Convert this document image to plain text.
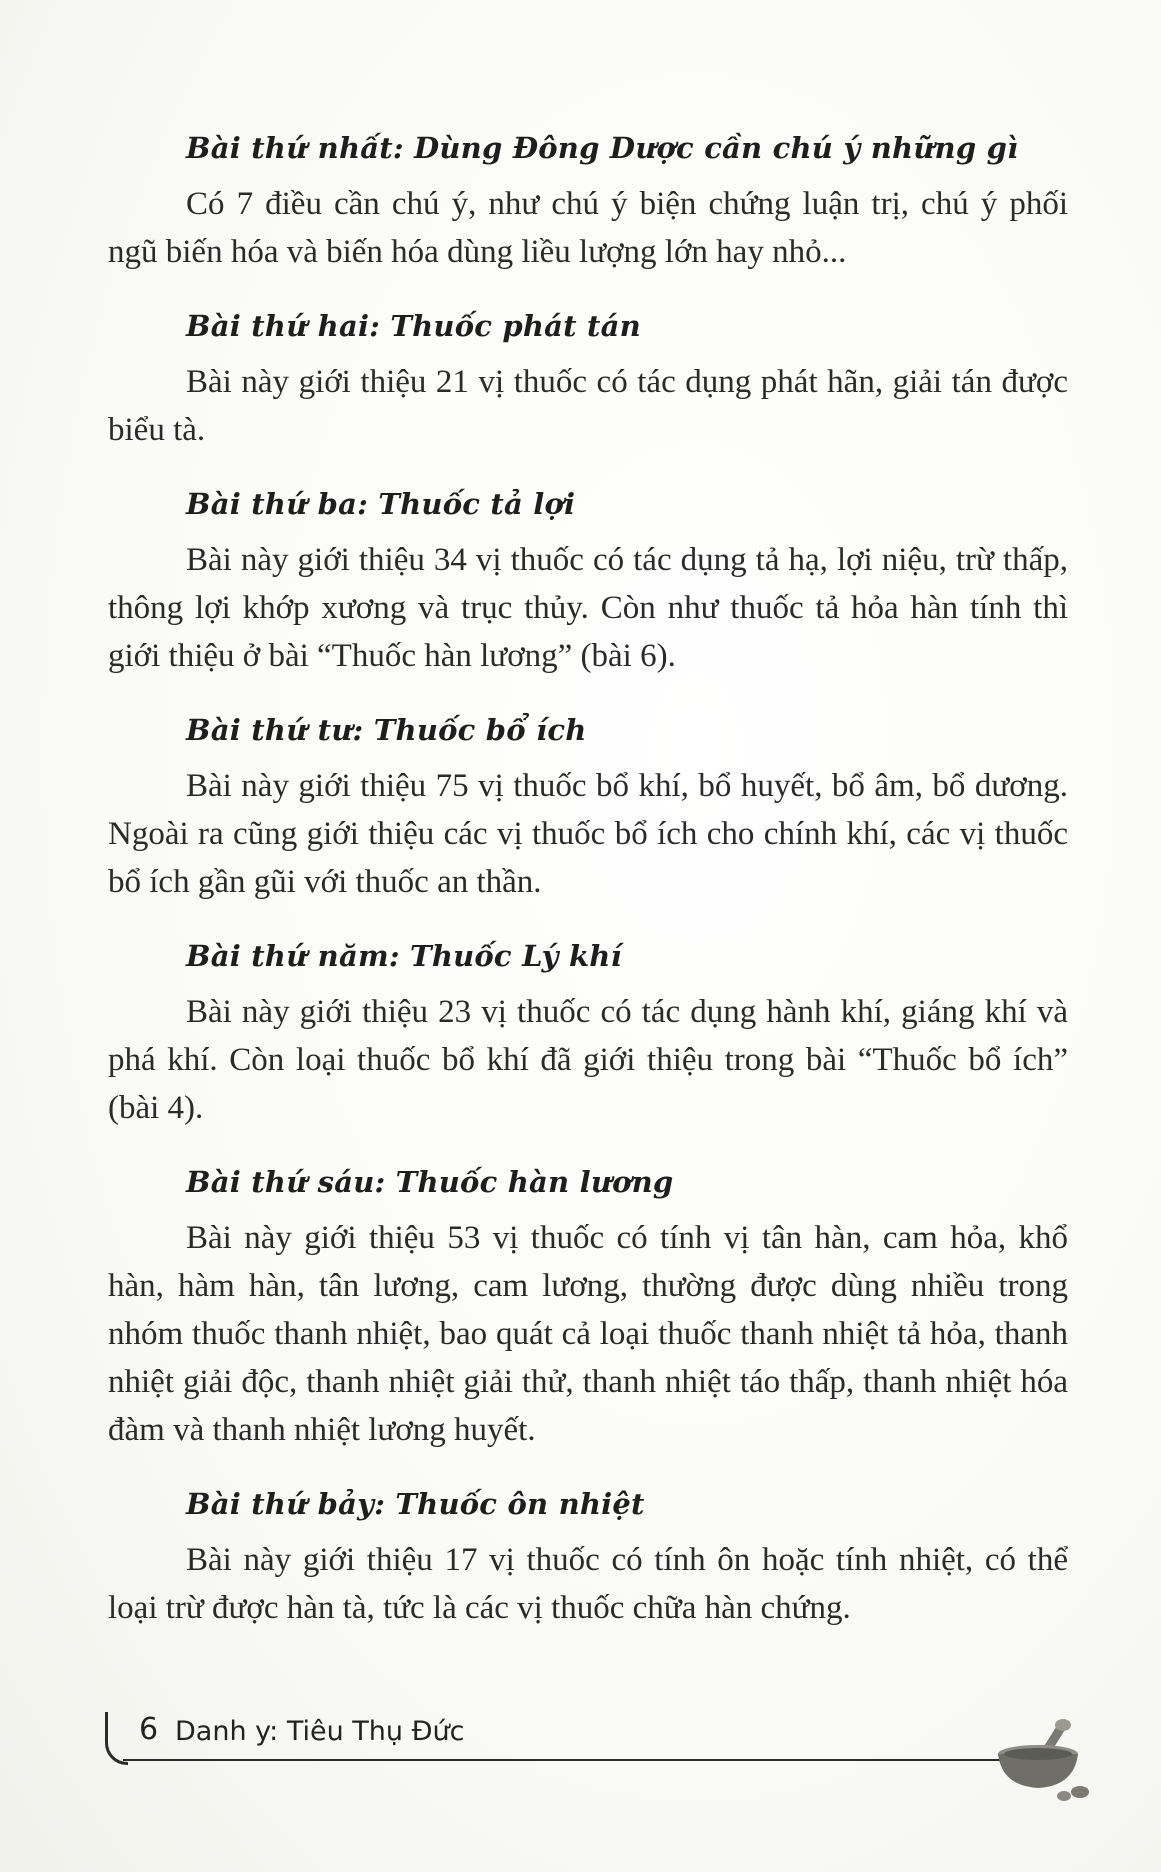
Bài thứ nhất: Dùng Đông Dược cần chú ý những gì

Có 7 điều cần chú ý, như chú ý biện chứng luận trị, chú ý phối ngũ biến hóa và biến hóa dùng liều lượng lớn hay nhỏ...

Bài thứ hai: Thuốc phát tán

Bài này giới thiệu 21 vị thuốc có tác dụng phát hãn, giải tán được biểu tà.

Bài thứ ba: Thuốc tả lợi

Bài này giới thiệu 34 vị thuốc có tác dụng tả hạ, lợi niệu, trừ thấp, thông lợi khớp xương và trục thủy. Còn như thuốc tả hỏa hàn tính thì giới thiệu ở bài “Thuốc hàn lương” (bài 6).

Bài thứ tư: Thuốc bổ ích

Bài này giới thiệu 75 vị thuốc bổ khí, bổ huyết, bổ âm, bổ dương. Ngoài ra cũng giới thiệu các vị thuốc bổ ích cho chính khí, các vị thuốc bổ ích gần gũi với thuốc an thần.

Bài thứ năm: Thuốc Lý khí

Bài này giới thiệu 23 vị thuốc có tác dụng hành khí, giáng khí và phá khí. Còn loại thuốc bổ khí đã giới thiệu trong bài “Thuốc bổ ích” (bài 4).

Bài thứ sáu: Thuốc hàn lương

Bài này giới thiệu 53 vị thuốc có tính vị tân hàn, cam hỏa, khổ hàn, hàm hàn, tân lương, cam lương, thường được dùng nhiều trong nhóm thuốc thanh nhiệt, bao quát cả loại thuốc thanh nhiệt tả hỏa, thanh nhiệt giải độc, thanh nhiệt giải thử, thanh nhiệt táo thấp, thanh nhiệt hóa đàm và thanh nhiệt lương huyết.

Bài thứ bảy: Thuốc ôn nhiệt

Bài này giới thiệu 17 vị thuốc có tính ôn hoặc tính nhiệt, có thể loại trừ được hàn tà, tức là các vị thuốc chữa hàn chứng.

6 Danh y: Tiêu Thụ Đức
